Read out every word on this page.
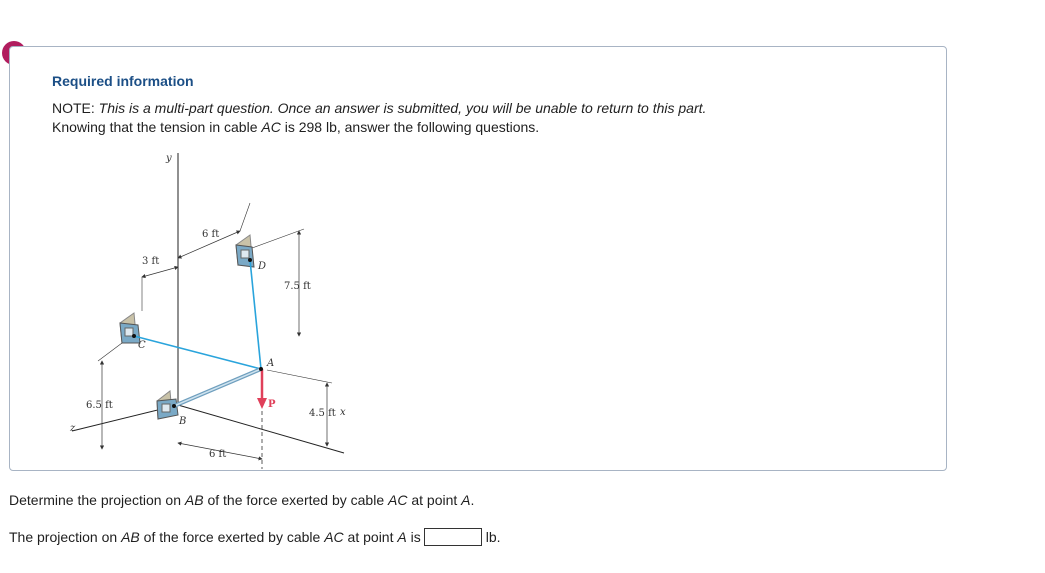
Required information
NOTE: This is a multi-part question. Once an answer is submitted, you will be unable to return to this part.
Knowing that the tension in cable AC is 298 lb, answer the following questions.
y
x
z
D
C
A
B
P
3 ft
6 ft
7.5 ft
6.5 ft
4.5 ft
6 ft
Determine the projection on AB of the force exerted by cable AC at point A.
The projection on AB of the force exerted by cable AC at point A is	lb.
